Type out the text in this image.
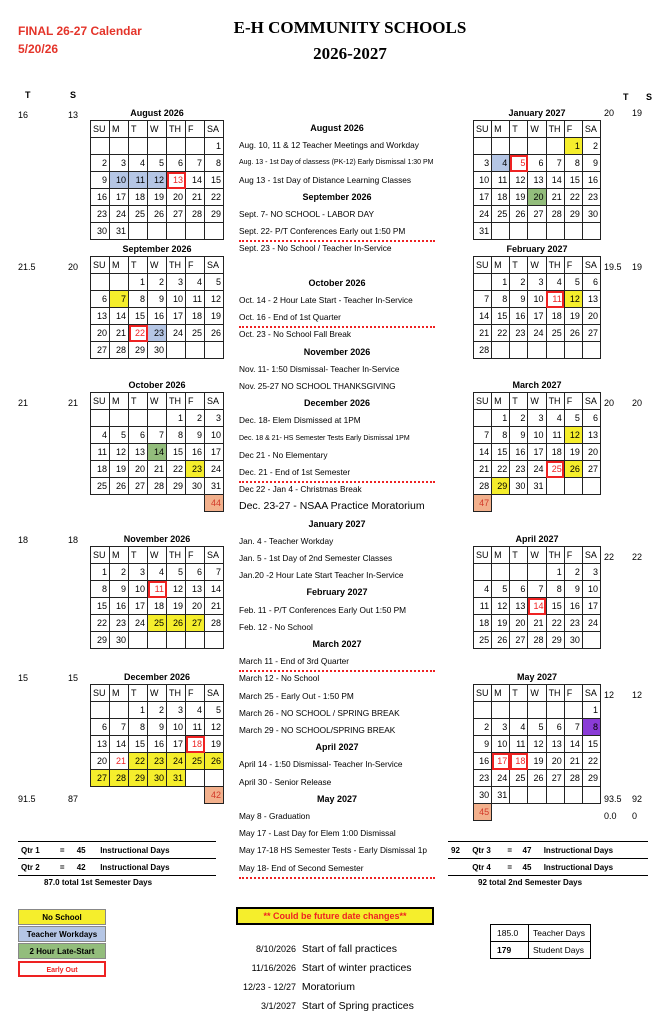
FINAL 26-27 Calendar
5/20/26
E-H COMMUNITY SCHOOLS
2026-2027
T	S	T S
August 2026
SU	M	T	W	TH	F	SA
						1
2	3	4	5	6	7	8
9	10	11	12	13	14	15
16	17	18	19	20	21	22
23	24	25	26	27	28	29
30	31					
September 2026
SU	M	T	W	TH	F	SA
		1	2	3	4	5
6	7	8	9	10	11	12
13	14	15	16	17	18	19
20	21	22	23	24	25	26
27	28	29	30			
October 2026
SU	M	T	W	TH	F	SA
				1	2	3
4	5	6	7	8	9	10
11	12	13	14	15	16	17
18	19	20	21	22	23	24
25	26	27	28	29	30	31
						44
November 2026
SU	M	T	W	TH	F	SA
1	2	3	4	5	6	7
8	9	10	11	12	13	14
15	16	17	18	19	20	21
22	23	24	25	26	27	28
29	30					
December 2026
SU	M	T	W	TH	F	SA
		1	2	3	4	5
6	7	8	9	10	11	12
13	14	15	16	17	18	19
20	21	22	23	24	25	26
27	28	29	30	31		
						42
January 2027
SU	M	T	W	TH	F	SA
					1	2
3	4	5	6	7	8	9
10	11	12	13	14	15	16
17	18	19	20	21	22	23
24	25	26	27	28	29	30
31						
February 2027
SU	M	T	W	TH	F	SA
	1	2	3	4	5	6
7	8	9	10	11	12	13
14	15	16	17	18	19	20
21	22	23	24	25	26	27
28						
March 2027
SU	M	T	W	TH	F	SA
	1	2	3	4	5	6
7	8	9	10	11	12	13
14	15	16	17	18	19	20
21	22	23	24	25	26	27
28	29	30	31			
47						
April 2027
SU	M	T	W	TH	F	SA
				1	2	3
4	5	6	7	8	9	10
11	12	13	14	15	16	17
18	19	20	21	22	23	24
25	26	27	28	29	30	
May 2027
SU	M	T	W	TH	F	SA
						1
2	3	4	5	6	7	8
9	10	11	12	13	14	15
16	17	18	19	20	21	22
23	24	25	26	27	28	29
30	31					
45						
16	13
21.5	20
21	21
18	18
15	15
91.5	87
20 19
19.5 19
20 20
22 22
12 12
93.5 92
0.0 0
August 2026
Aug. 10, 11 & 12 Teacher Meetings and Workday
Aug. 13 - 1st Day of classess (PK-12) Early Dismissal 1:30 PM
Aug 13 - 1st Day of Distance Learning Classes
September 2026
Sept. 7- NO SCHOOL - LABOR DAY
Sept. 22- P/T Conferences Early out 1:50 PM
Sept. 23 - No School / Teacher In-Service
October 2026
Oct. 14 - 2 Hour Late Start - Teacher In-Service
Oct. 16 - End of 1st Quarter
Oct. 23 - No School Fall Break
November 2026
Nov. 11- 1:50 Dismissal- Teacher In-Service
Nov. 25-27 NO SCHOOL THANKSGIVING
December 2026
Dec. 18- Elem Dismissed at 1PM
Dec. 18 & 21- HS Semester Tests Early Dismissal 1PM
Dec 21 - No Elementary
Dec. 21 - End of 1st Semester
Dec 22 - Jan 4 - Christmas Break
Dec. 23-27 - NSAA Practice Moratorium
January 2027
Jan. 4 - Teacher Workday
Jan. 5 - 1st Day of 2nd Semester Classes
Jan.20 -2 Hour Late Start Teacher In-Service
February 2027
Feb. 11 - P/T Conferences Early Out 1:50 PM
Feb. 12 - No School
March 2027
March 11 - End of 3rd Quarter
March 12 - No School
March 25 - Early Out - 1:50 PM
March 26 - NO SCHOOL / SPRING BREAK
March 29 - NO SCHOOL/SPRING BREAK
April 2027
April 14 - 1:50 Dismissal- Teacher In-Service
April 30 - Senior Release
May 2027
May 8 - Graduation
May 17 - Last Day for Elem 1:00 Dismissal
May 17-18 HS Semester Tests - Early Dismissal 1p
May 18- End of Second Semester
Qtr 1	=	45	Instructional Days
Qtr 2	=	42	Instructional Days
87.0 total 1st Semester Days
92	Qtr 3	=	47	Instructional Days
	Qtr 4	=	45	Instructional Days
92 total 2nd Semester Days
No School
Teacher Workdays
2 Hour Late-Start
Early Out
** Could be future date changes**
185.0	Teacher Days
179	Student Days
8/10/2026 Start of fall practices
11/16/2026 Start of winter practices
12/23 - 12/27 Moratorium
3/1/2027 Start of Spring practices
